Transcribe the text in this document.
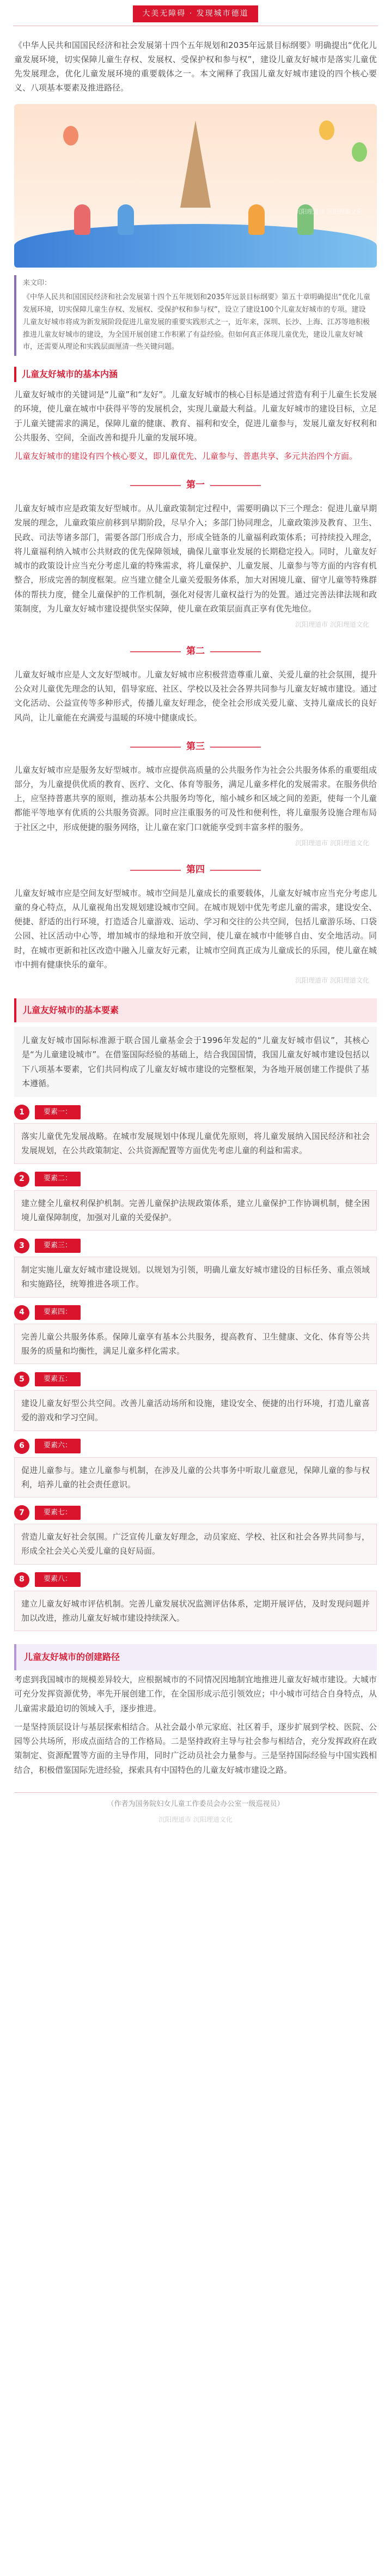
大美无障碍 · 发现城市德道

《中华人民共和国国民经济和社会发展第十四个五年规划和2035年远景目标纲要》明确提出“优化儿童发展环境，切实保障儿童生存权、发展权、受保护权和参与权”，建设儿童友好城市是落实儿童优先发展理念，优化儿童发展环境的重要载体之一。本文阐释了我国儿童友好城市建设的四个核心要义、八项基本要素及推进路径。

沉阳理道市 沉阳理道文化
来文印：
《中华人民共和国国民经济和社会发展第十四个五年规划和2035年远景目标纲要》第五十章明确提出“优化儿童发展环境，切实保障儿童生存权、发展权、受保护权和参与权”，设立了建设100个儿童友好城市的专项。建设儿童友好城市将成为新发展阶段促进儿童发展的重要实践形式之一，近年来，深圳、长沙、上海、江苏等地积极推进儿童友好城市的建设，为全国开展创建工作积累了有益经验。但如何真正体现儿童优先，建设儿童友好城市，还需要从理论和实践层面厘清一些关键问题。
儿童友好城市的基本内涵

儿童友好城市的关键词是“儿童”和“友好”。儿童友好城市的核心目标是通过营造有利于儿童生长发展的环境，使儿童在城市中获得平等的发展机会，实现儿童最大利益。儿童友好城市的建设目标，立足于儿童关键需求的满足，保障儿童的健康、教育、福利和安全，促进儿童参与，发展儿童友好权利和公共服务、空间，全面改善和提升儿童的发展环境。

儿童友好城市的建设有四个核心要义，即儿童优先、儿童参与、普惠共享、多元共治四个方面。

第一

儿童友好城市应是政策友好型城市。从儿童政策制定过程中，需要明确以下三个理念：促进儿童早期发展的理念，儿童政策应前移到早期阶段，尽早介入；多部门协同理念，儿童政策涉及教育、卫生、民政、司法等诸多部门，需要各部门形成合力，形成全链条的儿童福利政策体系；可持续投入理念，将儿童福利纳入城市公共财政的优先保障领域，确保儿童事业发展的长期稳定投入。同时，儿童友好城市的政策设计应当充分考虑儿童的特殊需求，将儿童保护、儿童发展、儿童参与等方面的内容有机整合，形成完善的制度框架。应当建立健全儿童关爱服务体系，加大对困境儿童、留守儿童等特殊群体的帮扶力度，健全儿童保护的工作机制，强化对侵害儿童权益行为的处置。通过完善法律法规和政策制度，为儿童友好城市建设提供坚实保障，使儿童在政策层面真正享有优先地位。

沉阳理道市 沉阳理道文化
第二

儿童友好城市应是人文友好型城市。儿童友好城市应积极营造尊重儿童、关爱儿童的社会氛围，提升公众对儿童优先理念的认知，倡导家庭、社区、学校以及社会各界共同参与儿童友好城市建设。通过文化活动、公益宣传等多种形式，传播儿童友好理念，使全社会形成关爱儿童、支持儿童成长的良好风尚，让儿童能在充满爱与温暖的环境中健康成长。

第三

儿童友好城市应是服务友好型城市。城市应提供高质量的公共服务作为社会公共服务体系的重要组成部分，为儿童提供优质的教育、医疗、文化、体育等服务，满足儿童多样化的发展需求。在服务供给上，应坚持普惠共享的原则，推动基本公共服务均等化，缩小城乡和区域之间的差距，使每一个儿童都能平等地享有优质的公共服务资源。同时应注重服务的可及性和便利性，将儿童服务设施合理布局于社区之中，形成便捷的服务网络，让儿童在家门口就能享受到丰富多样的服务。

沉阳理道市 沉阳理道文化
第四

儿童友好城市应是空间友好型城市。城市空间是儿童成长的重要载体，儿童友好城市应当充分考虑儿童的身心特点，从儿童视角出发规划建设城市空间。在城市规划中优先考虑儿童的需求，建设安全、便捷、舒适的出行环境，打造适合儿童游戏、运动、学习和交往的公共空间，包括儿童游乐场、口袋公园、社区活动中心等，增加城市的绿地和开放空间，使儿童在城市中能够自由、安全地活动。同时，在城市更新和社区改造中融入儿童友好元素，让城市空间真正成为儿童成长的乐园，使儿童在城市中拥有健康快乐的童年。

沉阳理道市 沉阳理道文化
儿童友好城市的基本要素
儿童友好城市国际标准源于联合国儿童基金会于1996年发起的“儿童友好城市倡议”，其核心是“为儿童建设城市”。在借鉴国际经验的基础上，结合我国国情，我国儿童友好城市建设包括以下八项基本要素，它们共同构成了儿童友好城市建设的完整框架，为各地开展创建工作提供了基本遵循。
1	要素一：
落实儿童优先发展战略。在城市发展规划中体现儿童优先原则，将儿童发展纳入国民经济和社会发展规划，在公共政策制定、公共资源配置等方面优先考虑儿童的利益和需求。
2	要素二：
建立健全儿童权利保护机制。完善儿童保护法规政策体系，建立儿童保护工作协调机制，健全困境儿童保障制度，加强对儿童的关爱保护。
3	要素三：
制定实施儿童友好城市建设规划。以规划为引领，明确儿童友好城市建设的目标任务、重点领域和实施路径，统筹推进各项工作。
4	要素四：
完善儿童公共服务体系。保障儿童享有基本公共服务，提高教育、卫生健康、文化、体育等公共服务的质量和均衡性，满足儿童多样化需求。
5	要素五：
建设儿童友好型公共空间。改善儿童活动场所和设施，建设安全、便捷的出行环境，打造儿童喜爱的游戏和学习空间。
6	要素六：
促进儿童参与。建立儿童参与机制，在涉及儿童的公共事务中听取儿童意见，保障儿童的参与权利，培养儿童的社会责任意识。
7	要素七：
营造儿童友好社会氛围。广泛宣传儿童友好理念，动员家庭、学校、社区和社会各界共同参与，形成全社会关心关爱儿童的良好局面。
8	要素八：
建立儿童友好城市评估机制。完善儿童发展状况监测评估体系，定期开展评估，及时发现问题并加以改进，推动儿童友好城市建设持续深入。
儿童友好城市的创建路径

考虑到我国城市的规模差异较大，应根据城市的不同情况因地制宜地推进儿童友好城市建设。大城市可充分发挥资源优势，率先开展创建工作，在全国形成示范引领效应；中小城市可结合自身特点，从儿童需求最迫切的领域入手，逐步推进。

一是坚持顶层设计与基层探索相结合。从社会最小单元家庭、社区着手，逐步扩展到学校、医院、公园等公共场所，形成点面结合的工作格局。二是坚持政府主导与社会参与相结合，充分发挥政府在政策制定、资源配置等方面的主导作用，同时广泛动员社会力量参与。三是坚持国际经验与中国实践相结合，积极借鉴国际先进经验，探索具有中国特色的儿童友好城市建设之路。

（作者为国务院妇女儿童工作委员会办公室一级巡视员）
沉阳理道市 沉阳理道文化
